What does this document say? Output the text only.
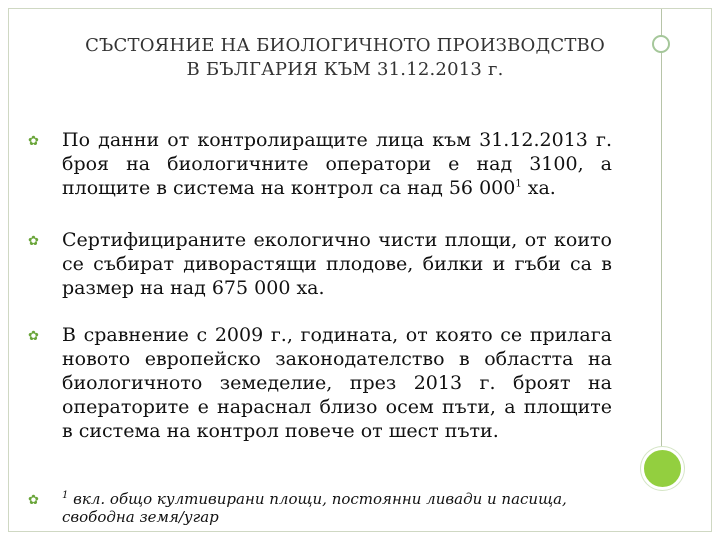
СЪСТОЯНИЕ НА БИОЛОГИЧНОТО ПРОИЗВОДСТВО
В БЪЛГАРИЯ КЪМ 31.12.2013 г.
✿ По данни от контролиращите лица към 31.12.2013 г. броя на биологичните оператори е над 3100, а площите в система на контрол са над 56 $000^1$ ха.
✿ Сертифицираните екологично чисти площи, от които се събират диворастящи плодове, билки и гъби са в размер на над 675 000 ха.
✿ В сравнение с 2009 г., годината, от която се прилага новото европейско законодателство в областта на биологичното земеделие, през 2013 г. броят на операторите е нараснал близо осем пъти, а площите в система на контрол повече от шест пъти.
✿ $^1$ вкл. общо култивирани площи, постоянни ливади и пасища, свободна земя/угар
